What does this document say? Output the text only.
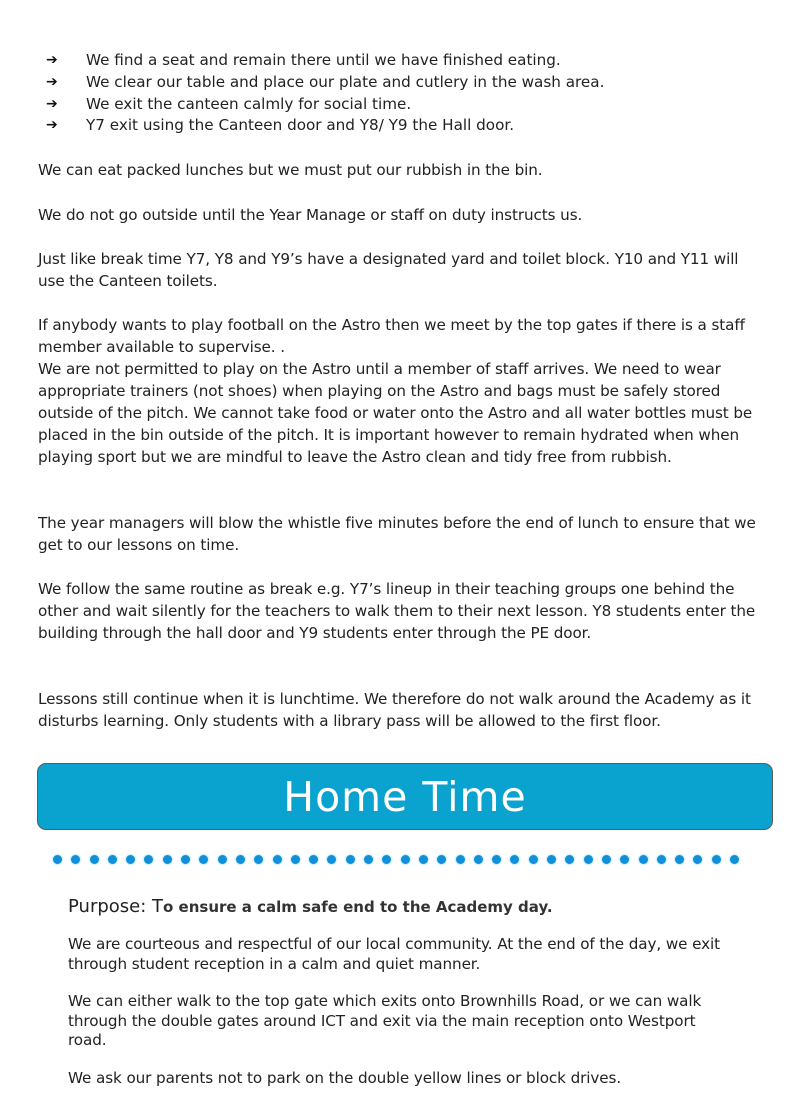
➔	We find a seat and remain there until we have finished eating.
➔	We clear our table and place our plate and cutlery in the wash area.
➔	We exit the canteen calmly for social time.
➔	Y7 exit using the Canteen door and Y8/ Y9 the Hall door.

We can eat packed lunches but we must put our rubbish in the bin.

We do not go outside until the Year Manage or staff on duty instructs us.

Just like break time Y7, Y8 and Y9’s have a designated yard and toilet block. Y10 and Y11 will use the Canteen toilets.

If anybody wants to play football on the Astro then we meet by the top gates if there is a staff member available to supervise. .

We are not permitted to play on the Astro until a member of staff arrives. We need to wear appropriate trainers (not shoes) when playing on the Astro and bags must be safely stored outside of the pitch. We cannot take food or water onto the Astro and all water bottles must be placed in the bin outside of the pitch. It is important however to remain hydrated when when playing sport but we are mindful to leave the Astro clean and tidy free from rubbish.

The year managers will blow the whistle five minutes before the end of lunch to ensure that we get to our lessons on time.

We follow the same routine as break e.g. Y7’s lineup in their teaching groups one behind the other and wait silently for the teachers to walk them to their next lesson. Y8 students enter the building through the hall door and Y9 students enter through the PE door.

Lessons still continue when it is lunchtime. We therefore do not walk around the Academy as it disturbs learning. Only students with a library pass will be allowed to the first floor.

Home Time
Purpose: To ensure a calm safe end to the Academy day.

We are courteous and respectful of our local community. At the end of the day, we exit through student reception in a calm and quiet manner.

We can either walk to the top gate which exits onto Brownhills Road, or we can walk through the double gates around ICT and exit via the main reception onto Westport road.

We ask our parents not to park on the double yellow lines or block drives.
